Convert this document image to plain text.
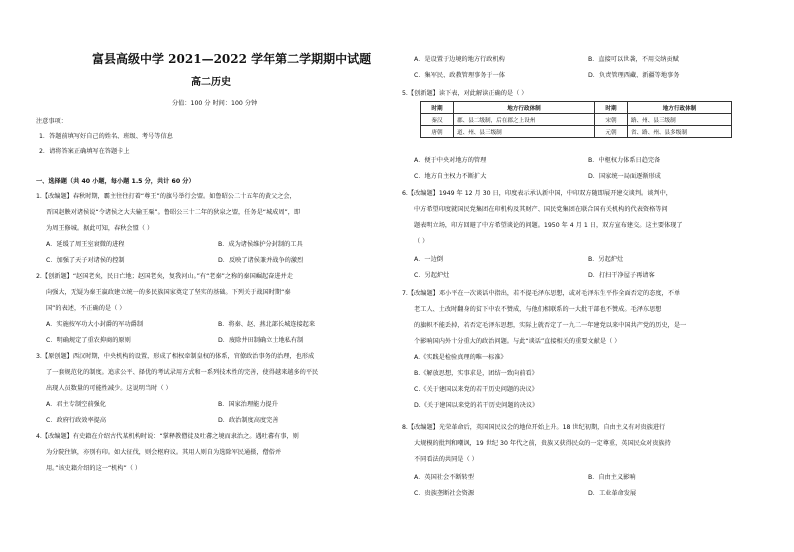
富县高级中学 2021—2022 学年第二学期期中试题
高二历史
分值：100 分 时间：100 分钟
注意事项：
1．答题前填写好自己的姓名、班级、考号等信息
2．请将答案正确填写在答题卡上
一、选择题（共 40 小题，每小题 1.5 分，共计 60 分）
1.【改编题】春秋时期，霸主往往打着“尊王”的旗号举行会盟。如鲁昭公二十五年的黄父之会，
晋国赵鞅对诸侯说“令诸侯之大夫输王粟”。鲁昭公三十二年的狄泉之盟，任务是“城成周”，即
为周王修城。据此可知，春秋会盟（ ）
A．延缓了周王室衰微的进程	B．成为诸侯维护分封制的工具
C．加强了天子对诸侯的控制	D．反映了诸侯兼并战争的激烈
2.【创新题】“赵国老矣，民日亡地；赵国老矣，复我河山。”有“老秦”之称的秦国崛起奋进并走
向强大，无疑为秦王嬴政建立统一的多民族国家奠定了坚实的基础。下列关于战国时期“秦
国”的表述，不正确的是（ ）
A．实施按军功大小封爵的军功爵制	B．将秦、赵、燕北部长城连接起来
C．明确规定了重农抑商的原则	D．废除井田制确立土地私有制
3.【原创题】西汉时期，中央机构的设置，形成了相权牵制皇权的体系，官僚政治事务的治理，也形成
了一套规范化的制度。追求公平、择优的考试录用方式和一系列技术性的完善，使得越来越多的平民
出现人员数量的可能性减少。这说明当时（ ）
A．君主专制空前强化	B．国家治理能力提升
C．政府行政效率提高	D．政治制度高度完善
4.【改编题】有史籍在介绍古代某机构时说：“掌释教僧徒及吐蕃之境而隶治之。遇吐蕃有事，则
为分院往镇，亦别有印。如大征伐，则会枢府议。其用人则自为选除军民通摄，僧俗并
用。”该史籍介绍的这一“机构”（ ）
A．是设置于边境的地方行政机构	B．直接可以世袭，不用交纳贡赋
C．集军民、政教管理事务于一体	D．负责管理西藏、新疆等地事务
5.【创新题】读下表，对此解读正确的是（ ）
时期	地方行政体制	时期	地方行政体制
秦汉	郡、县二级制，后在郡之上设州	宋朝	路、州、县三级制
唐朝	道、州、县三级制	元朝	省、路、州、县多级制
A．便于中央对地方的管理	B．中枢权力体系日趋完备
C．地方自主权力不断扩大	D．国家统一局面逐渐形成
6.【改编题】1949 年 12 月 30 日，印度表示承认新中国，中印双方随即展开建交谈判。谈判中，
中方希望印度就国民党集团在印机构及其财产、国民党集团在联合国有关机构的代表资格等问
题表明立场，印方回避了中方希望谈论的问题。1950 年 4 月 1 日，双方宣布建交。这主要体现了
（ ）
A．一边倒	B．另起炉灶
C．另起炉灶	D．打扫干净屋子再请客
7.【改编题】邓小平在一次谈话中指出，若不提毛泽东思想，或对毛泽东生平作全面否定的态度，不单
老工人、土改时翻身的贫下中农不赞成，与他们相联系的一大批干部也不赞成。毛泽东思想
的旗帜不能丢掉，若否定毛泽东思想，实际上就否定了一九二一年建党以来中国共产党的历史，是一
个影响国内外十分重大的政治问题。与此“谈话”直接相关的重要文献是（ ）
A.《实践是检验真理的唯一标准》
B.《解放思想，实事求是，团结一致向前看》
C.《关于建国以来党的若干历史问题的决议》
D.《关于建国以来党的若干历史问题的决议》
8.【改编题】光荣革命后，英国国民议会的地位开始上升。18 世纪初期，自由主义有对贵族进行
大规模的批判和嘲讽，19 世纪 30 年代之前，贵族又获得民众的一定尊重，英国民众对贵族持
不同看法的共同是（ ）
A．英国社会不断转型	B．自由主义影响
C．贵族垄断社会资源	D．工业革命发展
